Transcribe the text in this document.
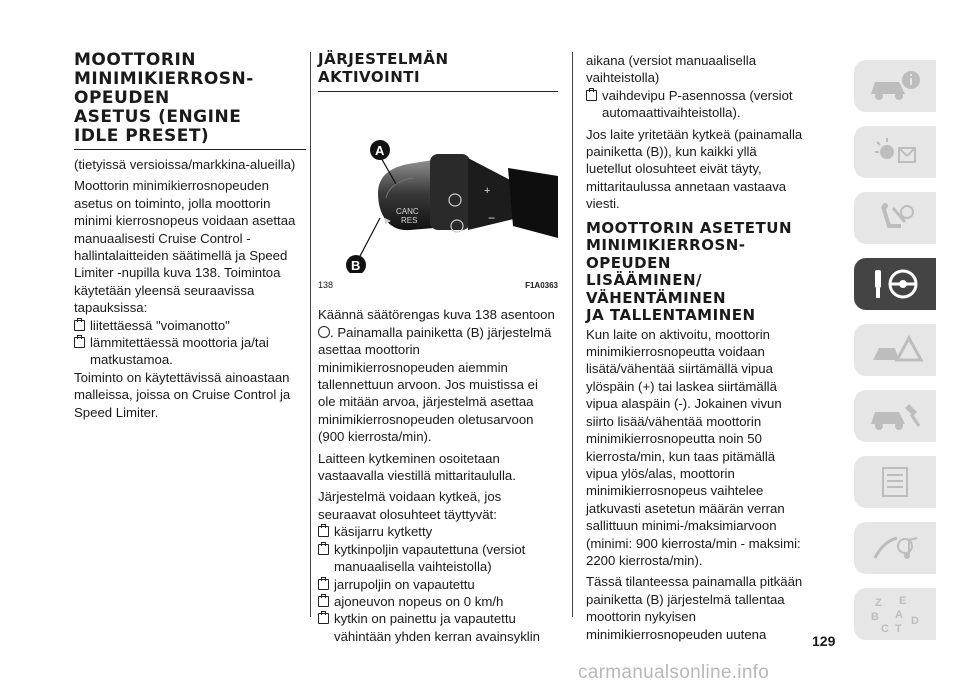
MOOTTORIN
MINIMIKIERROSN-
OPEUDEN
ASETUS (ENGINE
IDLE PRESET)

(tietyissä versioissa/markkina-alueilla)

Moottorin minimikierrosnopeuden asetus on toiminto, jolla moottorin minimi kierrosnopeus voidaan asettaa manuaalisesti Cruise Control -hallintalaitteiden säätimellä ja Speed Limiter -nupilla kuva 138. Toimintoa käytetään yleensä seuraavissa tapauksissa:

liitettäessä "voimanotto"
lämmitettäessä moottoria ja/tai matkustamoa.

Toiminto on käytettävissä ainoastaan malleissa, joissa on Cruise Control ja Speed Limiter.

JÄRJESTELMÄN
AKTIVOINTI
CANC
RES
+
−
A
B
138	F1A0363

Käännä säätörengas kuva 138 asentoon . Painamalla painiketta (B) järjestelmä asettaa moottorin minimikierrosnopeuden aiemmin tallennettuun arvoon. Jos muistissa ei ole mitään arvoa, järjestelmä asettaa minimikierrosnopeuden oletusarvoon (900 kierrosta/min).

Laitteen kytkeminen osoitetaan vastaavalla viestillä mittaritaululla.

Järjestelmä voidaan kytkeä, jos seuraavat olosuhteet täyttyvät:

käsijarru kytketty
kytkinpoljin vapautettuna (versiot manuaalisella vaihteistolla)
jarrupoljin on vapautettu
ajoneuvon nopeus on 0 km/h
kytkin on painettu ja vapautettu vähintään yhden kerran avainsyklin

aikana (versiot manuaalisella vaihteistolla)

vaihdevipu P-asennossa (versiot automaattivaihteistolla).

Jos laite yritetään kytkeä (painamalla painiketta (B)), kun kaikki yllä luetellut olosuhteet eivät täyty, mittaritaulussa annetaan vastaava viesti.

MOOTTORIN ASETETUN
MINIMIKIERROSN-
OPEUDEN
LISÄÄMINEN/
VÄHENTÄMINEN
JA TALLENTAMINEN

Kun laite on aktivoitu, moottorin minimikierrosnopeutta voidaan lisätä/vähentää siirtämällä vipua ylöspäin (+) tai laskea siirtämällä vipua alaspäin (-). Jokainen vivun siirto lisää/vähentää moottorin minimikierrosnopeutta noin 50 kierrosta/min, kun taas pitämällä vipua ylös/alas, moottorin minimikierrosnopeus vaihtelee jatkuvasti asetetun määrän verran sallittuun minimi-/maksimiarvoon (minimi: 900 kierrosta/min - maksimi: 2200 kierrosta/min).

Tässä tilanteessa painamalla pitkään painiketta (B) järjestelmä tallentaa moottorin nykyisen minimikierrosnopeuden uutena

Z E
B A
C T
D
129
carmanualsonline.info
